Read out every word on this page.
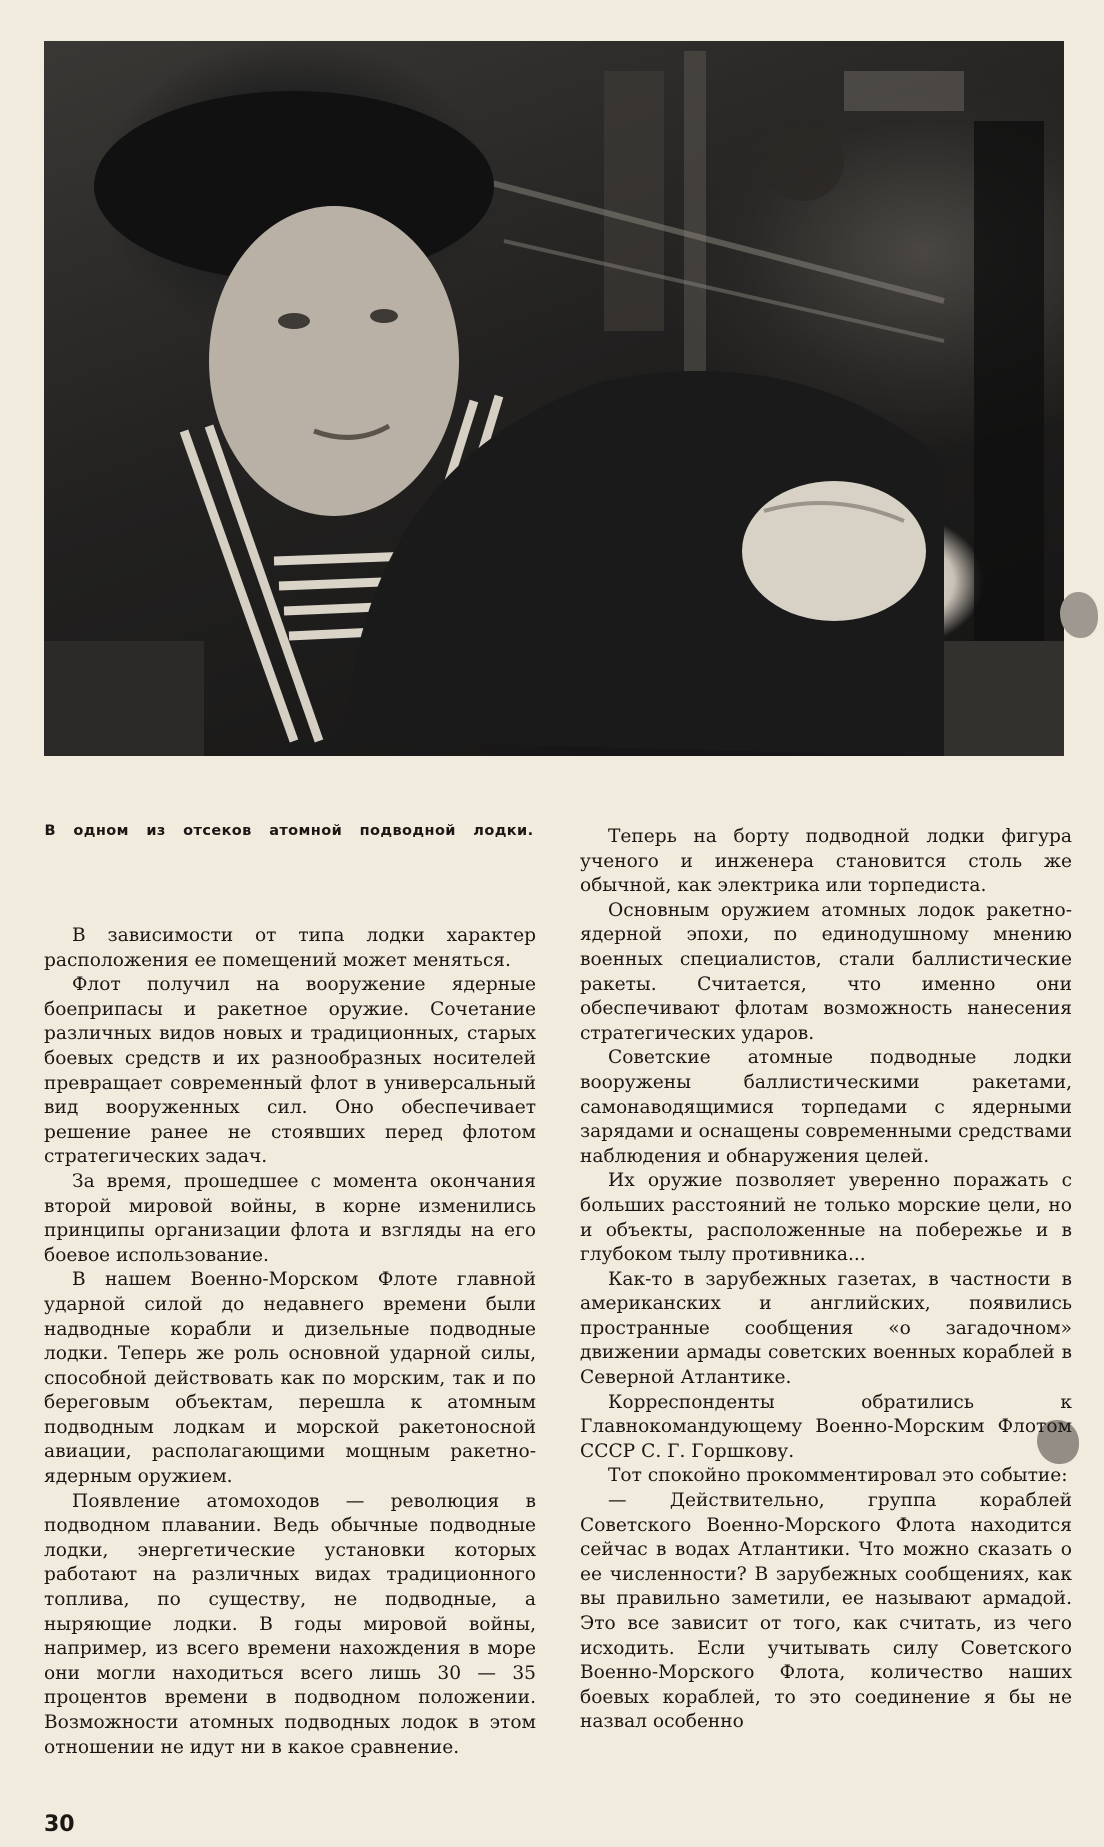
В одном из отсеков атомной подводной лодки.

В зависимости от типа лодки характер расположения ее помещений может меняться.

Флот получил на вооружение ядерные боеприпасы и ракетное оружие. Сочетание различных видов новых и традиционных, старых боевых средств и их разнообразных носителей превращает современный флот в универсальный вид вооруженных сил. Оно обеспечивает решение ранее не стоявших перед флотом стратегических задач.

За время, прошедшее с момента окончания второй мировой войны, в корне изменились принципы организации флота и взгляды на его боевое использование.

В нашем Военно-Морском Флоте главной ударной силой до недавнего времени были надводные корабли и дизельные подводные лодки. Теперь же роль основной ударной силы, способной действовать как по морским, так и по береговым объектам, перешла к атомным подводным лодкам и морской ракетоносной авиации, располагающими мощным ракетно-ядерным оружием.

Появление атомоходов — революция в подводном плавании. Ведь обычные подводные лодки, энергетические установки которых работают на различных видах традиционного топлива, по существу, не подводные, а ныряющие лодки. В годы мировой войны, например, из всего времени нахождения в море они могли находиться всего лишь 30 — 35 процентов времени в подводном положении. Возможности атомных подводных лодок в этом отношении не идут ни в какое сравнение.

Теперь на борту подводной лодки фигура ученого и инженера становится столь же обычной, как электрика или торпедиста.

Основным оружием атомных лодок ракетно-ядерной эпохи, по единодушному мнению военных специалистов, стали баллистические ракеты. Считается, что именно они обеспечивают флотам возможность нанесения стратегических ударов.

Советские атомные подводные лодки вооружены баллистическими ракетами, самонаводящимися торпедами с ядерными зарядами и оснащены современными средствами наблюдения и обнаружения целей.

Их оружие позволяет уверенно поражать с больших расстояний не только морские цели, но и объекты, расположенные на побережье и в глубоком тылу противника...

Как-то в зарубежных газетах, в частности в американских и английских, появились пространные сообщения «о загадочном» движении армады советских военных кораблей в Северной Атлантике.

Корреспонденты обратились к Главнокомандующему Военно-Морским Флотом СССР С. Г. Горшкову.

Тот спокойно прокомментировал это событие:

— Действительно, группа кораблей Советского Военно-Морского Флота находится сейчас в водах Атлантики. Что можно сказать о ее численности? В зарубежных сообщениях, как вы правильно заметили, ее называют армадой. Это все зависит от того, как считать, из чего исходить. Если учитывать силу Советского Военно-Морского Флота, количество наших боевых кораблей, то это соединение я бы не назвал особенно

30
